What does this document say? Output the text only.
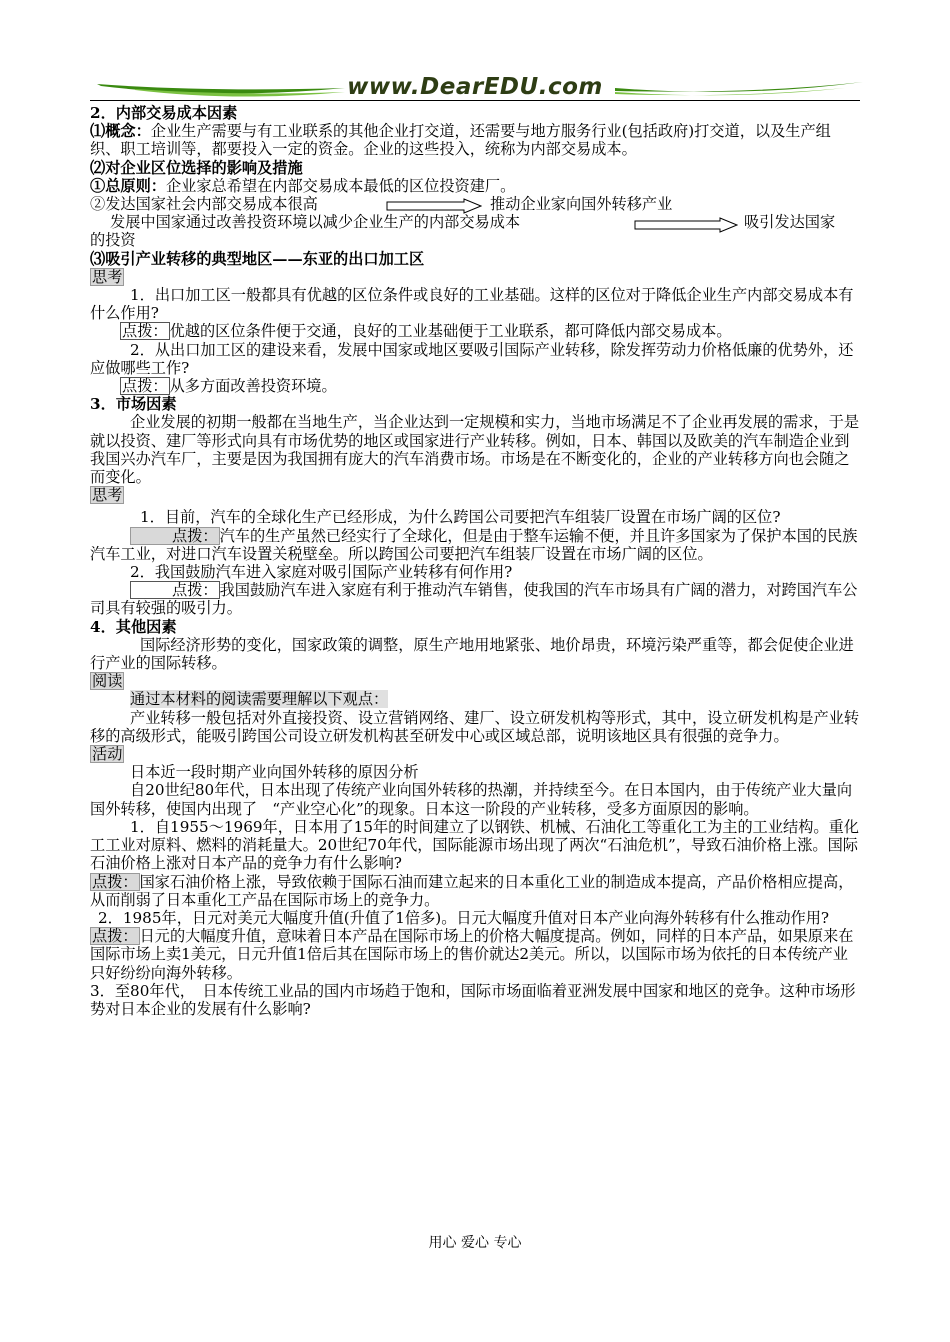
www.DearEDU.com

2．内部交易成本因素

⑴概念：企业生产需要与有工业联系的其他企业打交道，还需要与地方服务行业(包括政府)打交道，以及生产组织、职工培训等，都要投入一定的资金。企业的这些投入，统称为内部交易成本。

⑵对企业区位选择的影响及措施

①总原则：企业家总希望在内部交易成本最低的区位投资建厂。

②发达国家社会内部交易成本很高	推动企业家向国外转移产业
发展中国家通过改善投资环境以减少企业生产的内部交易成本	吸引发达国家

的投资

⑶吸引产业转移的典型地区——东亚的出口加工区

思考

1．出口加工区一般都具有优越的区位条件或良好的工业基础。这样的区位对于降低企业生产内部交易成本有什么作用?

点拨： 优越的区位条件便于交通，良好的工业基础便于工业联系，都可降低内部交易成本。

2．从出口加工区的建设来看，发展中国家或地区要吸引国际产业转移，除发挥劳动力价格低廉的优势外，还应做哪些工作?

点拨： 从多方面改善投资环境。

3．市场因素

企业发展的初期一般都在当地生产，当企业达到一定规模和实力，当地市场满足不了企业再发展的需求，于是就以投资、建厂等形式向具有市场优势的地区或国家进行产业转移。例如，日本、韩国以及欧美的汽车制造企业到我国兴办汽车厂，主要是因为我国拥有庞大的汽车消费市场。市场是在不断变化的，企业的产业转移方向也会随之而变化。

思考

1．目前，汽车的全球化生产已经形成，为什么跨国公司要把汽车组装厂设置在市场广阔的区位?

点拨： 汽车的生产虽然已经实行了全球化，但是由于整车运输不便，并且许多国家为了保护本国的民族汽车工业，对进口汽车设置关税壁垒。所以跨国公司要把汽车组装厂设置在市场广阔的区位。

2．我国鼓励汽车进入家庭对吸引国际产业转移有何作用?

点拨： 我国鼓励汽车进入家庭有利于推动汽车销售，使我国的汽车市场具有广阔的潜力，对跨国汽车公司具有较强的吸引力。

4．其他因素

国际经济形势的变化，国家政策的调整，原生产地用地紧张、地价昂贵，环境污染严重等，都会促使企业进行产业的国际转移。

阅读

通过本材料的阅读需要理解以下观点：

产业转移一般包括对外直接投资、设立营销网络、建厂、设立研发机构等形式，其中，设立研发机构是产业转移的高级形式，能吸引跨国公司设立研发机构甚至研发中心或区域总部，说明该地区具有很强的竞争力。

活动

日本近一段时期产业向国外转移的原因分析

自20世纪80年代，日本出现了传统产业向国外转移的热潮，并持续至今。在日本国内，由于传统产业大量向国外转移，使国内出现了　“产业空心化”的现象。日本这一阶段的产业转移，受多方面原因的影响。

1．自1955～1969年，日本用了15年的时间建立了以钢铁、机械、石油化工等重化工为主的工业结构。重化工工业对原料、燃料的消耗量大。20世纪70年代，国际能源市场出现了两次“石油危机”，导致石油价格上涨。国际石油价格上涨对日本产品的竞争力有什么影响?

点拨： 国家石油价格上涨，导致依赖于国际石油而建立起来的日本重化工业的制造成本提高，产品价格相应提高，从而削弱了日本重化工产品在国际市场上的竞争力。

2．1985年，日元对美元大幅度升值(升值了1倍多)。日元大幅度升值对日本产业向海外转移有什么推动作用?

点拨： 日元的大幅度升值，意味着日本产品在国际市场上的价格大幅度提高。例如，同样的日本产品，如果原来在国际市场上卖1美元，日元升值1倍后其在国际市场上的售价就达2美元。所以，以国际市场为依托的日本传统产业只好纷纷向海外转移。

3．至80年代，　日本传统工业品的国内市场趋于饱和，国际市场面临着亚洲发展中国家和地区的竞争。这种市场形势对日本企业的发展有什么影响?

用心 爱心 专心
